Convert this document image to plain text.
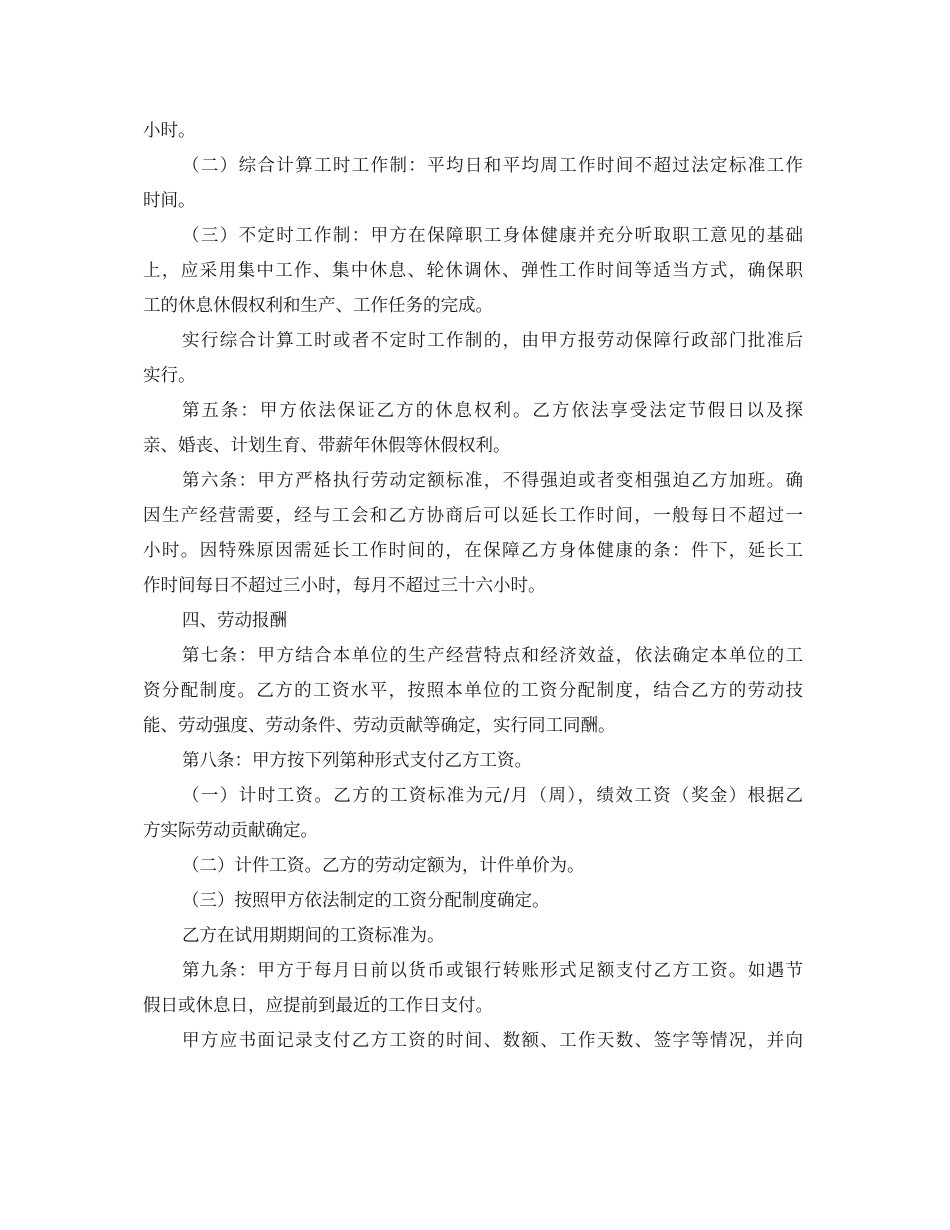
小时。
（二）综合计算工时工作制：平均日和平均周工作时间不超过法定标准工作
时间。
（三）不定时工作制：甲方在保障职工身体健康并充分听取职工意见的基础
上，应采用集中工作、集中休息、轮休调休、弹性工作时间等适当方式，确保职
工的休息休假权利和生产、工作任务的完成。
实行综合计算工时或者不定时工作制的，由甲方报劳动保障行政部门批准后
实行。
第五条：甲方依法保证乙方的休息权利。乙方依法享受法定节假日以及探
亲、婚丧、计划生育、带薪年休假等休假权利。
第六条：甲方严格执行劳动定额标准，不得强迫或者变相强迫乙方加班。确
因生产经营需要，经与工会和乙方协商后可以延长工作时间，一般每日不超过一
小时。因特殊原因需延长工作时间的，在保障乙方身体健康的条：件下，延长工
作时间每日不超过三小时，每月不超过三十六小时。
四、劳动报酬
第七条：甲方结合本单位的生产经营特点和经济效益，依法确定本单位的工
资分配制度。乙方的工资水平，按照本单位的工资分配制度，结合乙方的劳动技
能、劳动强度、劳动条件、劳动贡献等确定，实行同工同酬。
第八条：甲方按下列第种形式支付乙方工资。
（一）计时工资。乙方的工资标准为元/月（周），绩效工资（奖金）根据乙
方实际劳动贡献确定。
（二）计件工资。乙方的劳动定额为，计件单价为。
（三）按照甲方依法制定的工资分配制度确定。
乙方在试用期期间的工资标准为。
第九条：甲方于每月日前以货币或银行转账形式足额支付乙方工资。如遇节
假日或休息日，应提前到最近的工作日支付。
甲方应书面记录支付乙方工资的时间、数额、工作天数、签字等情况，并向
